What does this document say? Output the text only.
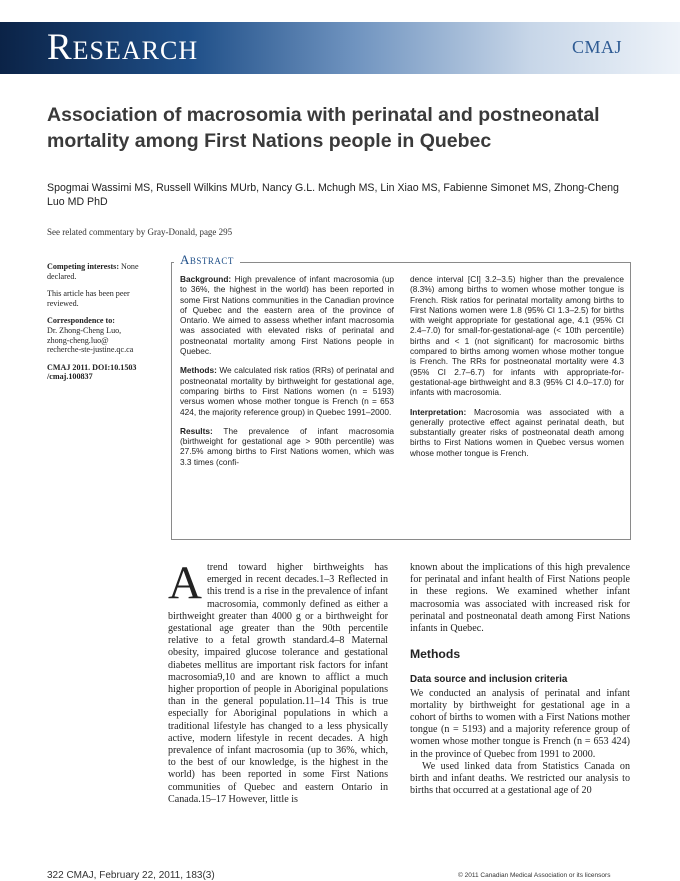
Research	CMAJ
Association of macrosomia with perinatal and postneonatal mortality among First Nations people in Quebec

Spogmai Wassimi MS, Russell Wilkins MUrb, Nancy G.L. Mchugh MS, Lin Xiao MS, Fabienne Simonet MS, Zhong-Cheng Luo MD PhD

See related commentary by Gray-Donald, page 295

Competing interests: None declared.

This article has been peer reviewed.

Correspondence to:
Dr. Zhong-Cheng Luo,
zhong-cheng.luo@
recherche-ste-justine.qc.ca

CMAJ 2011. DOI:10.1503 /cmaj.100837

Abstract

Background: High prevalence of infant macrosomia (up to 36%, the highest in the world) has been reported in some First Nations communities in the Canadian province of Quebec and the eastern area of the province of Ontario. We aimed to assess whether infant macrosomia was associated with elevated risks of perinatal and postneonatal mortality among First Nations people in Quebec.

Methods: We calculated risk ratios (RRs) of perinatal and postneonatal mortality by birthweight for gestational age, comparing births to First Nations women (n = 5193) versus women whose mother tongue is French (n = 653 424, the majority reference group) in Quebec 1991–2000.

Results: The prevalence of infant macrosomia (birthweight for gestational age > 90th percentile) was 27.5% among births to First Nations women, which was 3.3 times (confi-

dence interval [CI] 3.2–3.5) higher than the prevalence (8.3%) among births to women whose mother tongue is French. Risk ratios for perinatal mortality among births to First Nations women were 1.8 (95% CI 1.3–2.5) for births with weight appropriate for gestational age, 4.1 (95% CI 2.4–7.0) for small-for-gestational-age (< 10th percentile) births and < 1 (not significant) for macrosomic births compared to births among women whose mother tongue is French. The RRs for postneonatal mortality were 4.3 (95% CI 2.7–6.7) for infants with appropriate-for-gestational-age birthweight and 8.3 (95% CI 4.0–17.0) for infants with macrosomia.

Interpretation: Macrosomia was associated with a generally protective effect against perinatal death, but substantially greater risks of postneonatal death among births to First Nations women in Quebec versus women whose mother tongue is French.

Atrend toward higher birthweights has emerged in recent decades.1–3 Reflected in this trend is a rise in the prevalence of infant macrosomia, commonly defined as either a birthweight greater than 4000 g or a birthweight for gestational age greater than the 90th percentile relative to a fetal growth standard.4–8 Maternal obesity, impaired glucose tolerance and gestational diabetes mellitus are important risk factors for infant macrosomia9,10 and are known to afflict a much higher proportion of people in Aboriginal populations than in the general population.11–14 This is true especially for Aboriginal populations in which a traditional lifestyle has changed to a less physically active, modern lifestyle in recent decades. A high prevalence of infant macrosomia (up to 36%, which, to the best of our knowledge, is the highest in the world) has been reported in some First Nations communities of Quebec and eastern Ontario in Canada.15–17 However, little is

known about the implications of this high prevalence for perinatal and infant health of First Nations people in these regions. We examined whether infant macrosomia was associated with increased risk for perinatal and postneonatal death among First Nations infants in Quebec.

Methods
Data source and inclusion criteria

We conducted an analysis of perinatal and infant mortality by birthweight for gestational age in a cohort of births to women with a First Nations mother tongue (n = 5193) and a majority reference group of women whose mother tongue is French (n = 653 424) in the province of Quebec from 1991 to 2000.

We used linked data from Statistics Canada on birth and infant deaths. We restricted our analysis to births that occurred at a gestational age of 20

322 CMAJ, February 22, 2011, 183(3)	© 2011 Canadian Medical Association or its licensors
